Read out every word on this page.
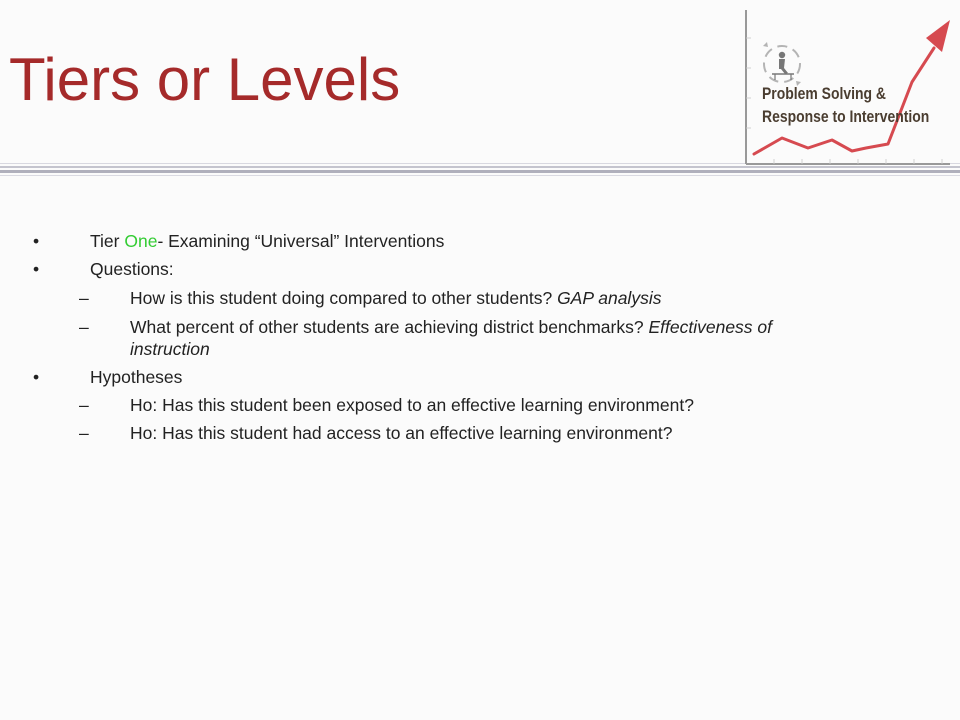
Tiers or Levels	Problem Solving &
Response to Intervention
•	Tier One- Examining “Universal” Interventions
•	Questions:
– How is this student doing compared to other students? GAP analysis
– What percent of other students are achieving district benchmarks? Effectiveness of
instruction
•	Hypotheses
– Ho: Has this student been exposed to an effective learning environment?
– Ho: Has this student had access to an effective learning environment?
